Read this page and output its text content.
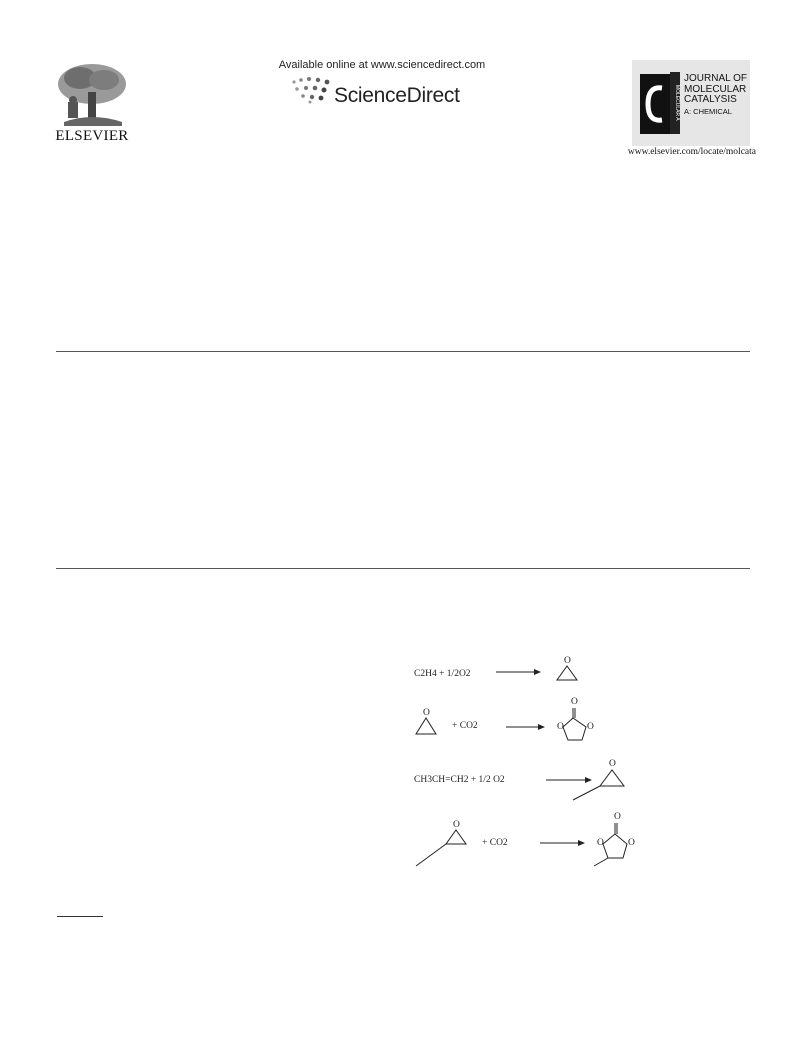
ELSEVIER
Available online at www.sciencedirect.com
ScienceDirect	MOLECULAR A
JOURNAL OF
MOLECULAR
CATALYSIS
A: CHEMICAL
www.elsevier.com/locate/molcata
C2H4 + 1/2O2
O
O
O
O O
O
O
O
O	O
+ CO2
CH3CH=CH2 + 1/2 O2
+ CO2
